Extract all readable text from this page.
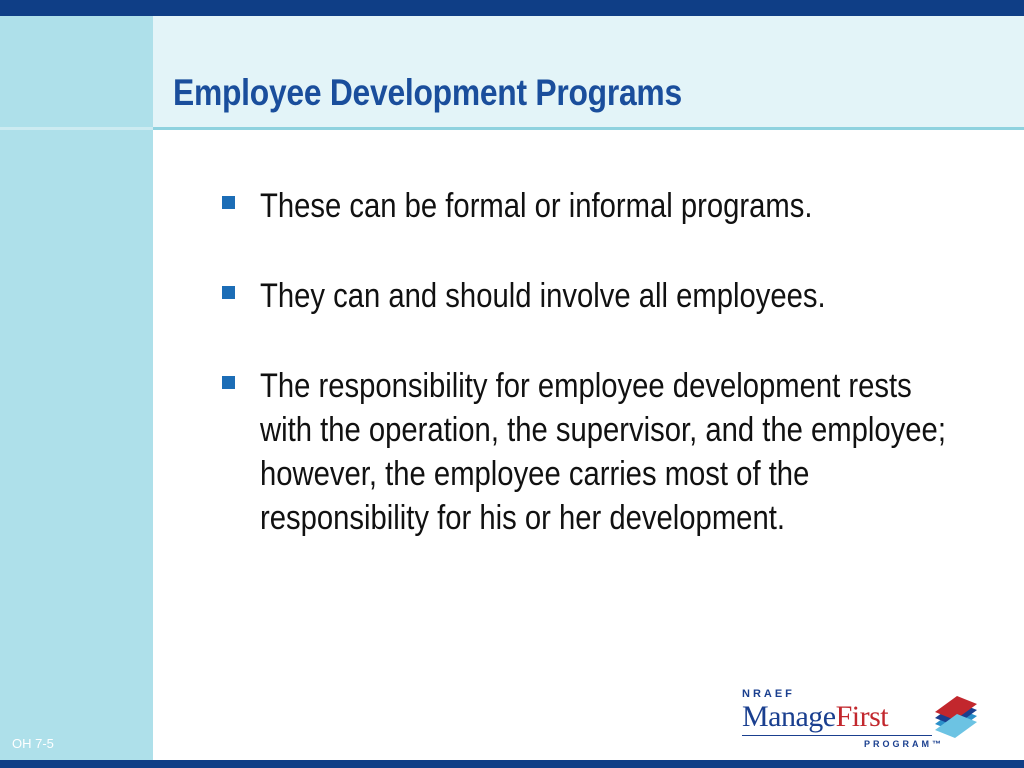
Employee Development Programs
These can be formal or informal programs.
They can and should involve all employees.
The responsibility for employee development rests with the operation, the supervisor, and the employee; however, the employee carries most of the responsibility for his or her development.
OH 7-5
NRAEF
ManageFirst
PROGRAM™
